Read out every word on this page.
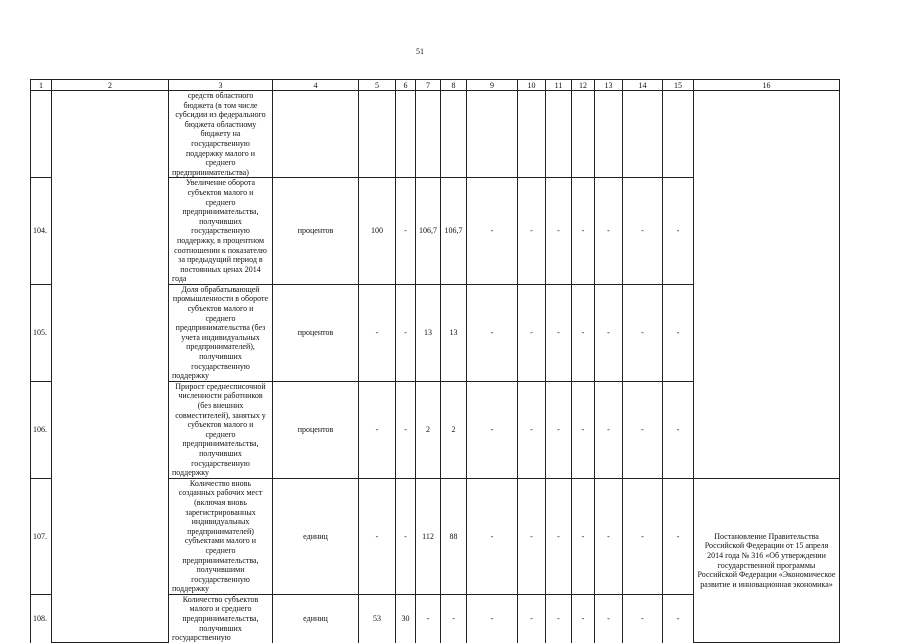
51
1	2	3	4	5	6	7	8	9	10	11	12	13	14	15	16
		средств областного бюджета (в том числе субсидии из федерального бюджета областному бюджету на государственную поддержку малого и среднего предпринимательства)													
104.		Увеличение оборота субъектов малого и среднего предпринимательства, получивших государственную поддержку, в процентном соотношении к показателю за предыдущий период в постоянных ценах 2014 года	процентов	100	-	106,7	106,7	-	-	-	-	-	-	-	
105.		Доля обрабатывающей промышленности в обороте субъектов малого и среднего предпринимательства (без учета индивидуальных предпринимателей), получивших государственную поддержку	процентов	-	-	13	13	-	-	-	-	-	-	-	
106.		Прирост среднесписочной численности работников (без внешних совместителей), занятых у субъектов малого и среднего предпринимательства, получивших государственную поддержку	процентов	-	-	2	2	-	-	-	-	-	-	-	
107.		Количество вновь созданных рабочих мест (включая вновь зарегистрированных индивидуальных предпринимателей) субъектами малого и среднего предпринимательства, получившими государственную поддержку	единиц	-	-	112	88	-	-	-	-	-	-	-	Постановление Правительства Российской Федерации от 15 апреля 2014 года № 316 «Об утверждении государственной программы Российской Федерации «Экономическое развитие и инновационная экономика»
108.		Количество субъектов малого и среднего предпринимательства, получивших государственную	единиц	53	30	-	-	-	-	-	-	-	-	-	
